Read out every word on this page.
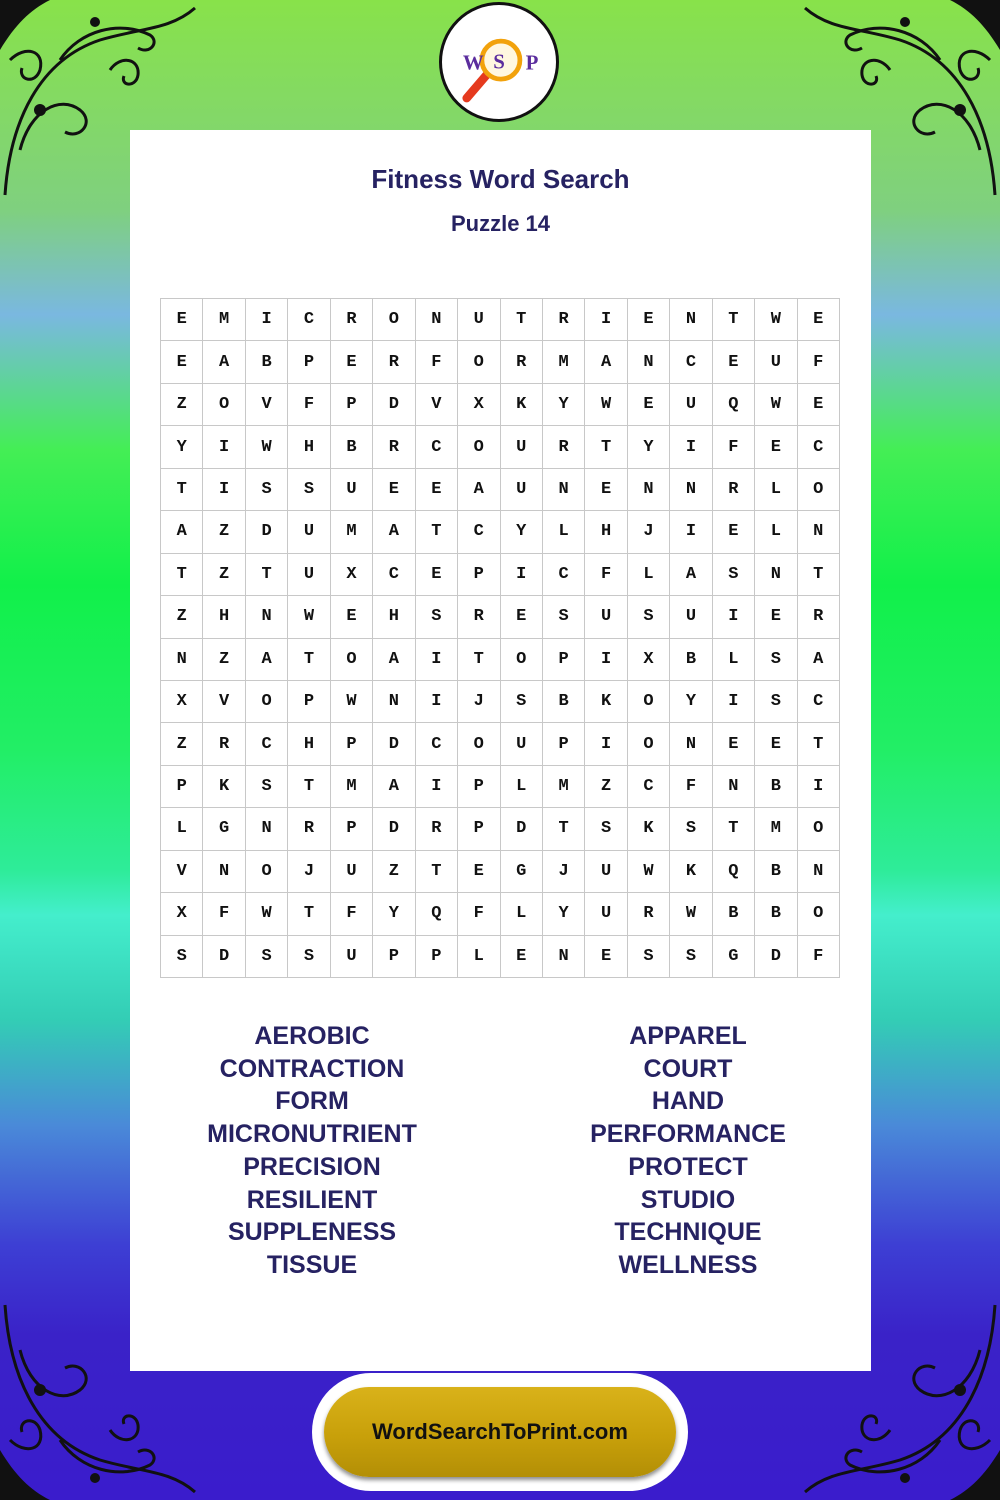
W S P
Fitness Word Search
Puzzle 14
E	M	I	C	R	O	N	U	T	R	I	E	N	T	W	E
E	A	B	P	E	R	F	O	R	M	A	N	C	E	U	F
Z	O	V	F	P	D	V	X	K	Y	W	E	U	Q	W	E
Y	I	W	H	B	R	C	O	U	R	T	Y	I	F	E	C
T	I	S	S	U	E	E	A	U	N	E	N	N	R	L	O
A	Z	D	U	M	A	T	C	Y	L	H	J	I	E	L	N
T	Z	T	U	X	C	E	P	I	C	F	L	A	S	N	T
Z	H	N	W	E	H	S	R	E	S	U	S	U	I	E	R
N	Z	A	T	O	A	I	T	O	P	I	X	B	L	S	A
X	V	O	P	W	N	I	J	S	B	K	O	Y	I	S	C
Z	R	C	H	P	D	C	O	U	P	I	O	N	E	E	T
P	K	S	T	M	A	I	P	L	M	Z	C	F	N	B	I
L	G	N	R	P	D	R	P	D	T	S	K	S	T	M	O
V	N	O	J	U	Z	T	E	G	J	U	W	K	Q	B	N
X	F	W	T	F	Y	Q	F	L	Y	U	R	W	B	B	O
S	D	S	S	U	P	P	L	E	N	E	S	S	G	D	F
AEROBIC
CONTRACTION
FORM
MICRONUTRIENT
PRECISION
RESILIENT
SUPPLENESS
TISSUE
APPAREL
COURT
HAND
PERFORMANCE
PROTECT
STUDIO
TECHNIQUE
WELLNESS
WordSearchToPrint.com
